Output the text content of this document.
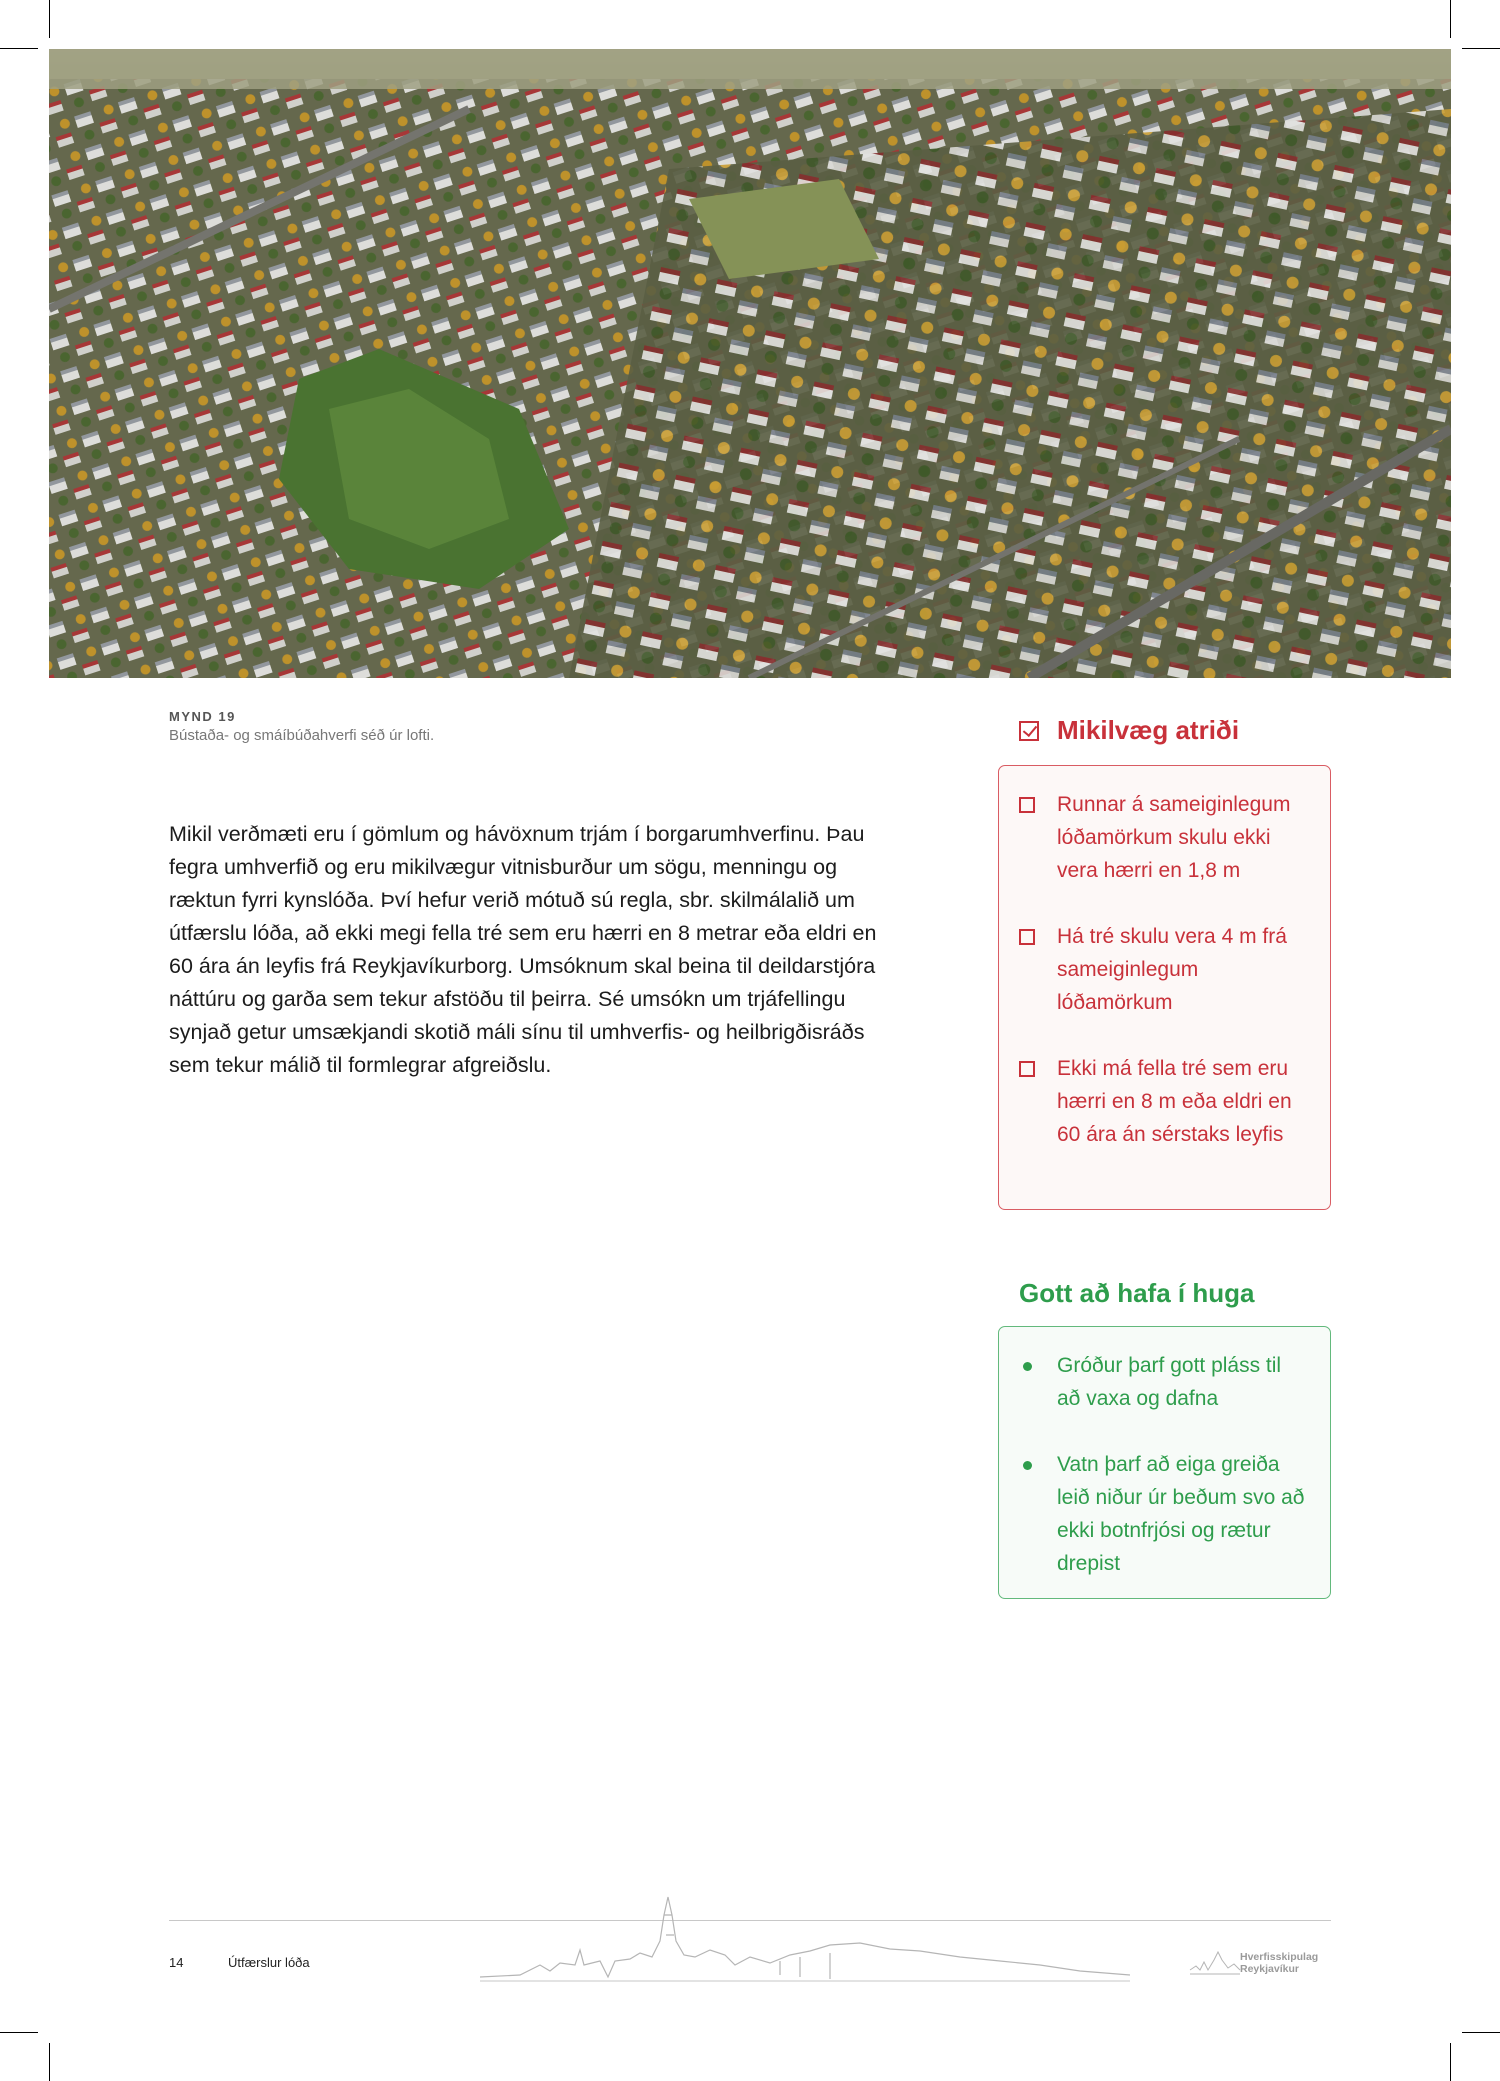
MYND 19
Bústaða- og smáíbúðahverfi séð úr lofti.

Mikil verðmæti eru í gömlum og hávöxnum trjám í borgarumhverfinu. Þau fegra umhverfið og eru mikilvægur vitnisburður um sögu, menningu og ræktun fyrri kynslóða. Því hefur verið mótuð sú regla, sbr. skilmálalið um útfærslu lóða, að ekki megi fella tré sem eru hærri en 8 metrar eða eldri en 60 ára án leyfis frá Reykjavíkurborg. Umsóknum skal beina til deildarstjóra náttúru og garða sem tekur afstöðu til þeirra. Sé umsókn um trjáfellingu synjað getur umsækjandi skotið máli sínu til umhverfis- og heilbrigðisráðs sem tekur málið til formlegrar afgreiðslu.

Mikilvæg atriði
Runnar á sameiginlegum lóðamörkum skulu ekki vera hærri en 1,8 m
Há tré skulu vera 4 m frá sameiginlegum lóðamörkum
Ekki má fella tré sem eru hærri en 8 m eða eldri en 60 ára án sérstaks leyfis
Gott að hafa í huga
Gróður þarf gott pláss til að vaxa og dafna
Vatn þarf að eiga greiða leið niður úr beðum svo að ekki botnfrjósi og rætur drepist
14	Útfærslur lóða	Hverfisskipulag
Reykjavíkur
